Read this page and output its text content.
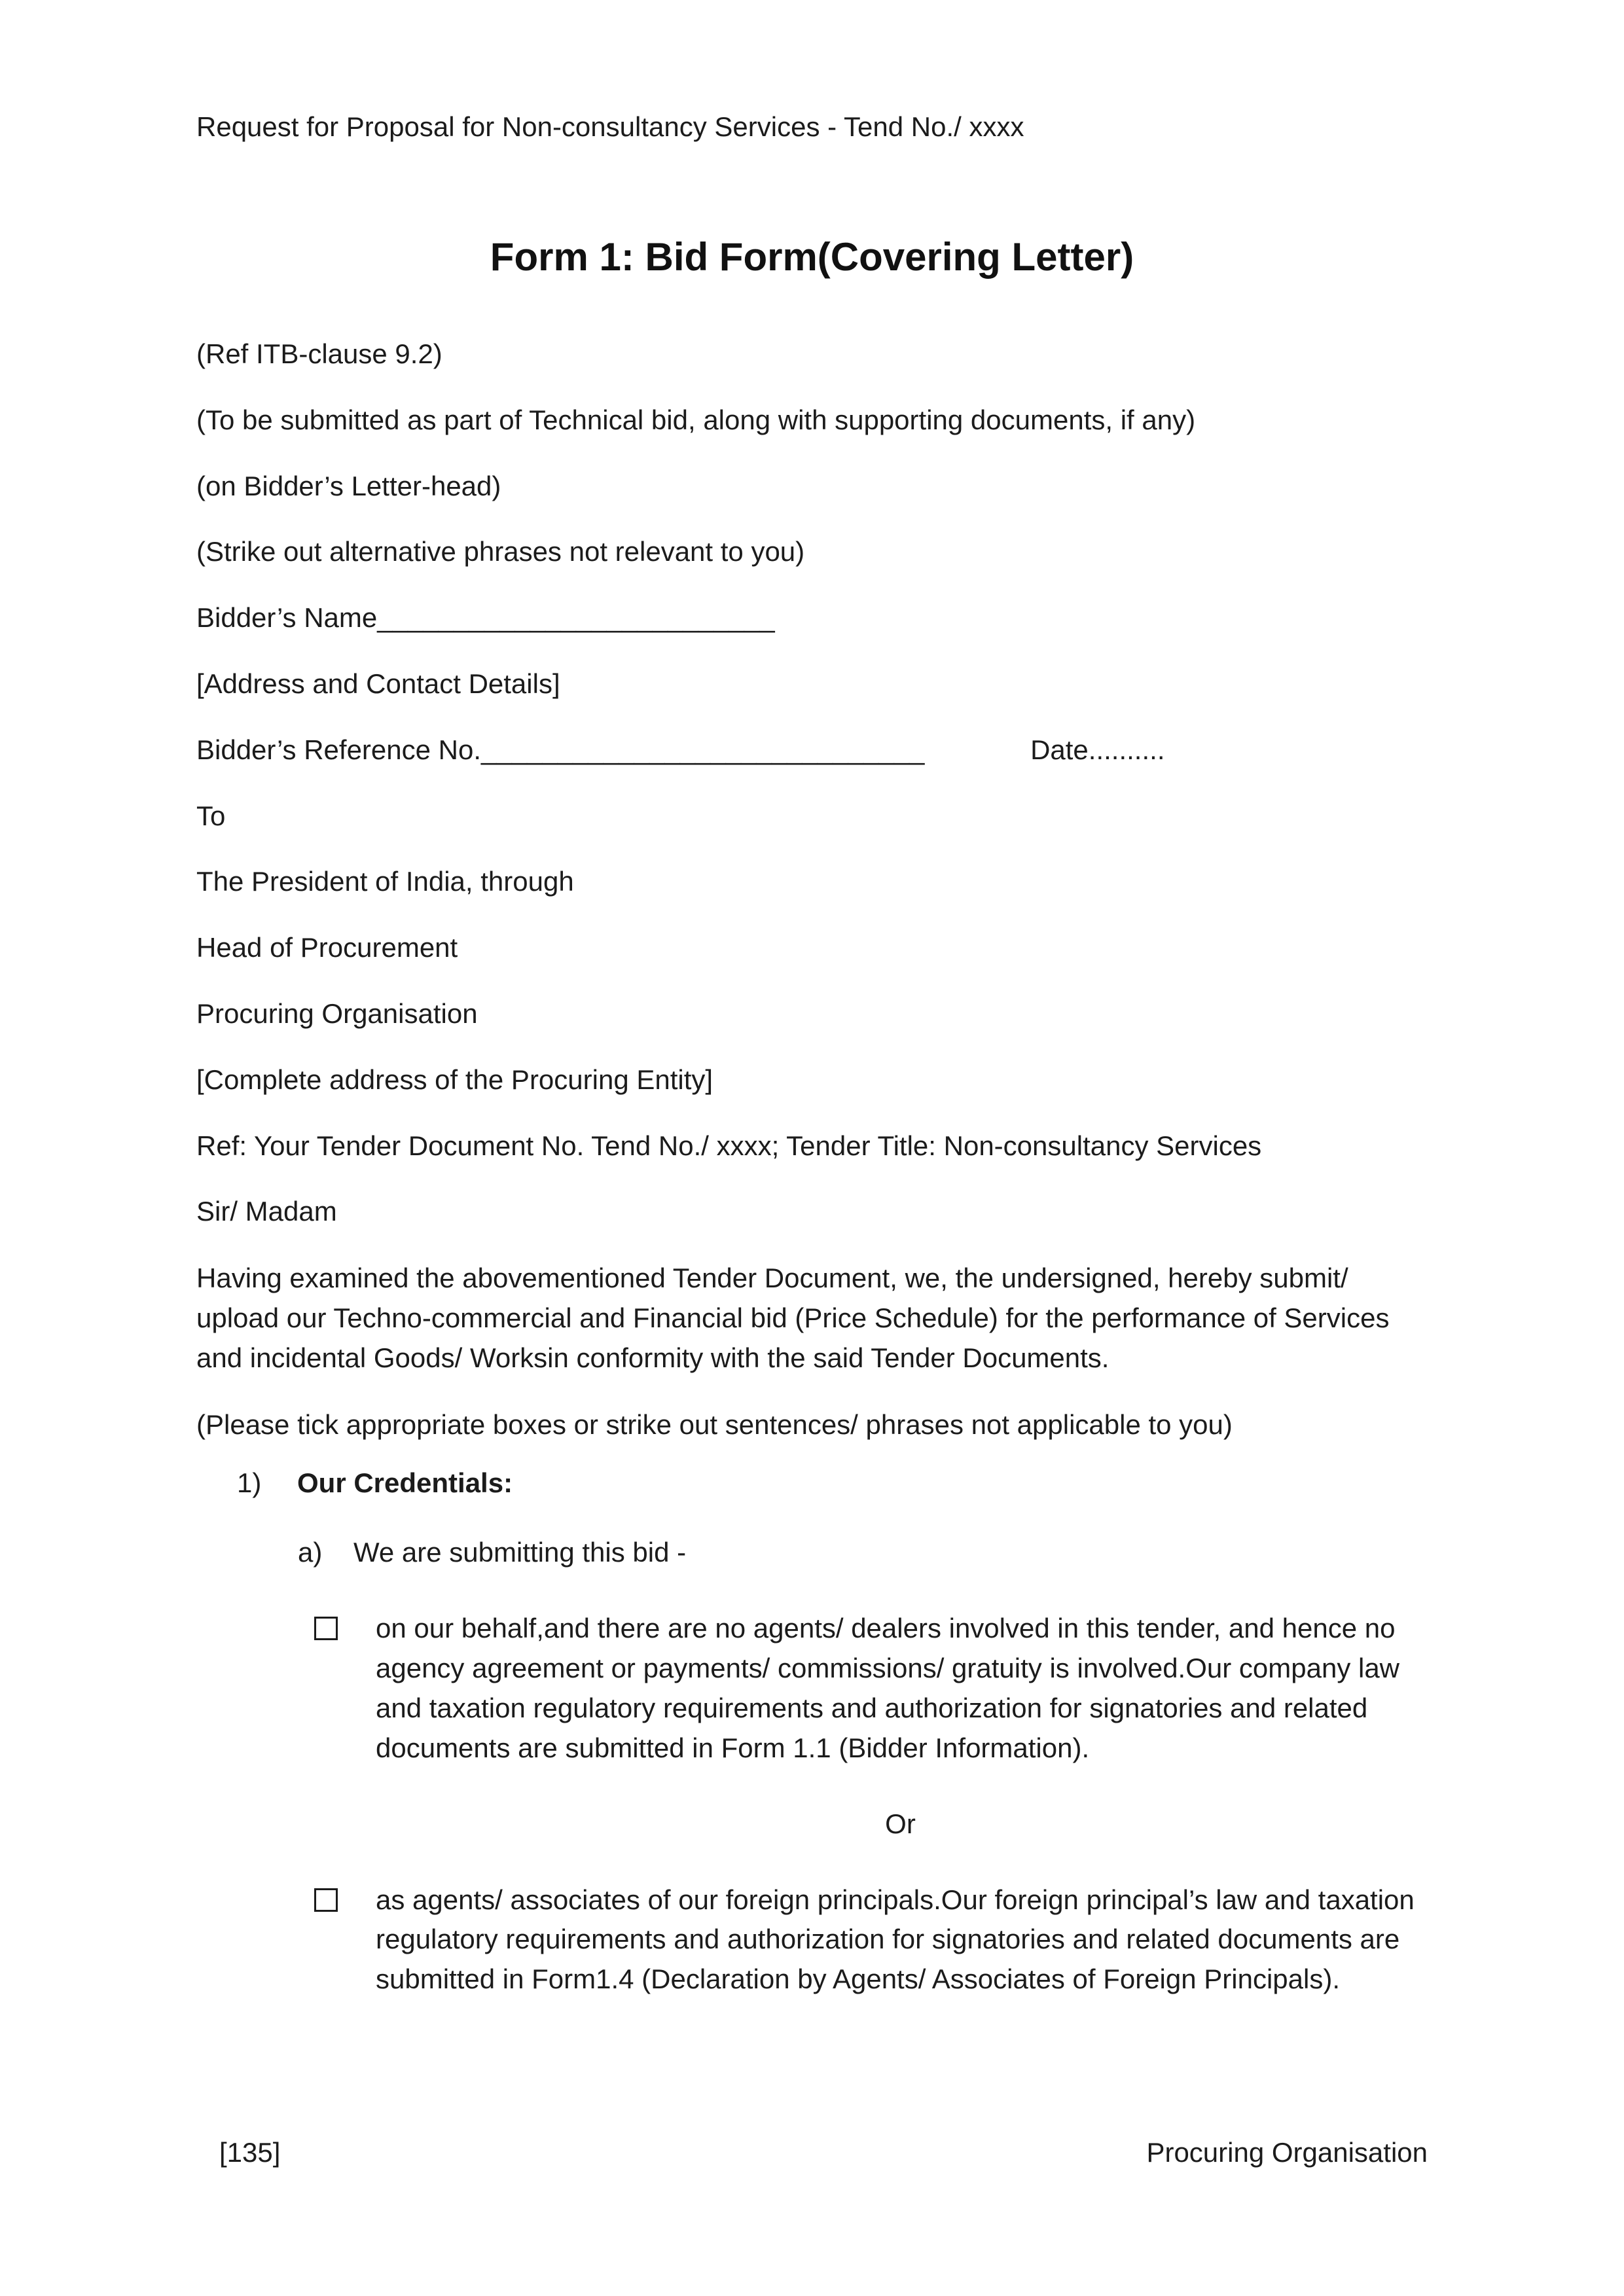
Request for Proposal for Non-consultancy Services - Tend No./ xxxx
Form 1: Bid Form(Covering Letter)

(Ref ITB-clause 9.2)

(To be submitted as part of Technical bid, along with supporting documents, if any)

(on Bidder’s Letter-head)

(Strike out alternative phrases not relevant to you)

Bidder’s Name__________________________

[Address and Contact Details]

Bidder’s Reference No._____________________________	Date..........

To

The President of India, through

Head of Procurement

Procuring Organisation

[Complete address of the Procuring Entity]

Ref: Your Tender Document No. Tend No./ xxxx; Tender Title: Non-consultancy Services

Sir/ Madam

Having examined the abovementioned Tender Document, we, the undersigned, hereby submit/ upload our Techno-commercial and Financial bid (Price Schedule) for the performance of Services and incidental Goods/ Worksin conformity with the said Tender Documents.

(Please tick appropriate boxes or strike out sentences/ phrases not applicable to you)

1)	Our Credentials:
a)	We are submitting this bid -
on our behalf,and there are no agents/ dealers involved in this tender, and hence no agency agreement or payments/ commissions/ gratuity is involved.Our company law and taxation regulatory requirements and authorization for signatories and related documents are submitted in Form 1.1 (Bidder Information).
Or
as agents/ associates of our foreign principals.Our foreign principal’s law and taxation regulatory requirements and authorization for signatories and related documents are submitted in Form1.4 (Declaration by Agents/ Associates of Foreign Principals).
[135]	Procuring Organisation
